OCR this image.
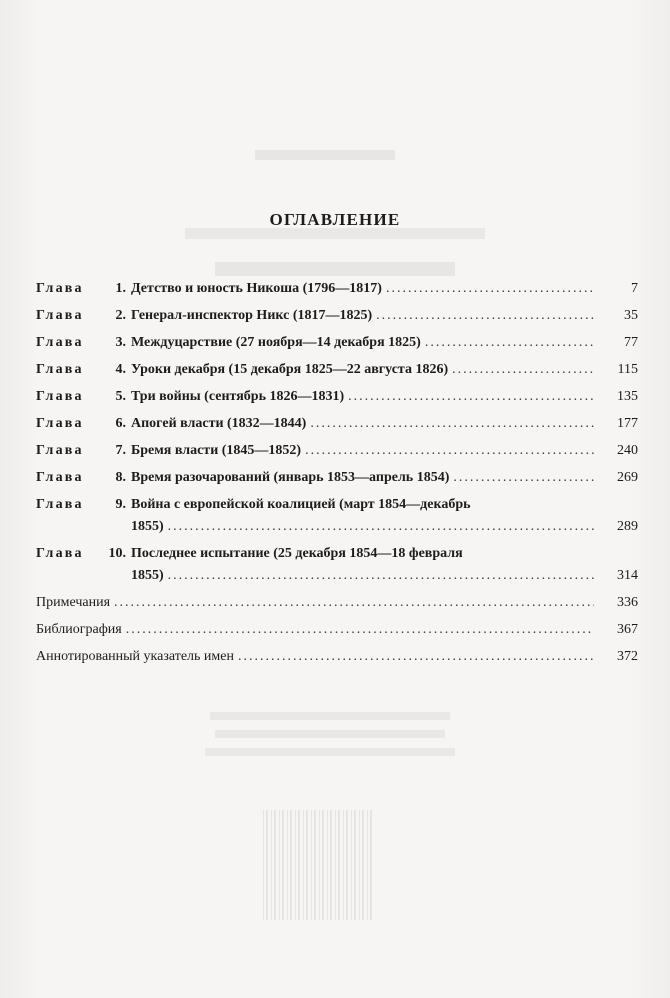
ОГЛАВЛЕНИЕ
Глава	1. Детство и юность Никоша (1796—1817) .....	7
Глава	2. Генерал-инспектор Никс (1817—1825) .....	35
Глава	3. Междуцарствие (27 ноября—14 декабря 1825) .....	77
Глава	4. Уроки декабря (15 декабря 1825—22 августа 1826) .....	115
Глава	5. Три войны (сентябрь 1826—1831) .....	135
Глава	6. Апогей власти (1832—1844) .....	177
Глава	7. Бремя власти (1845—1852) .....	240
Глава	8. Время разочарований (январь 1853—апрель 1854) .....	269
Глава	9. Война с европейской коалицией (март 1854—декабрь
1855) .....	289
Глава	10. Последнее испытание (25 декабря 1854—18 февраля
1855) .....	314
Примечания .....	336
Библиография .....	367
Аннотированный указатель имен .....	372
